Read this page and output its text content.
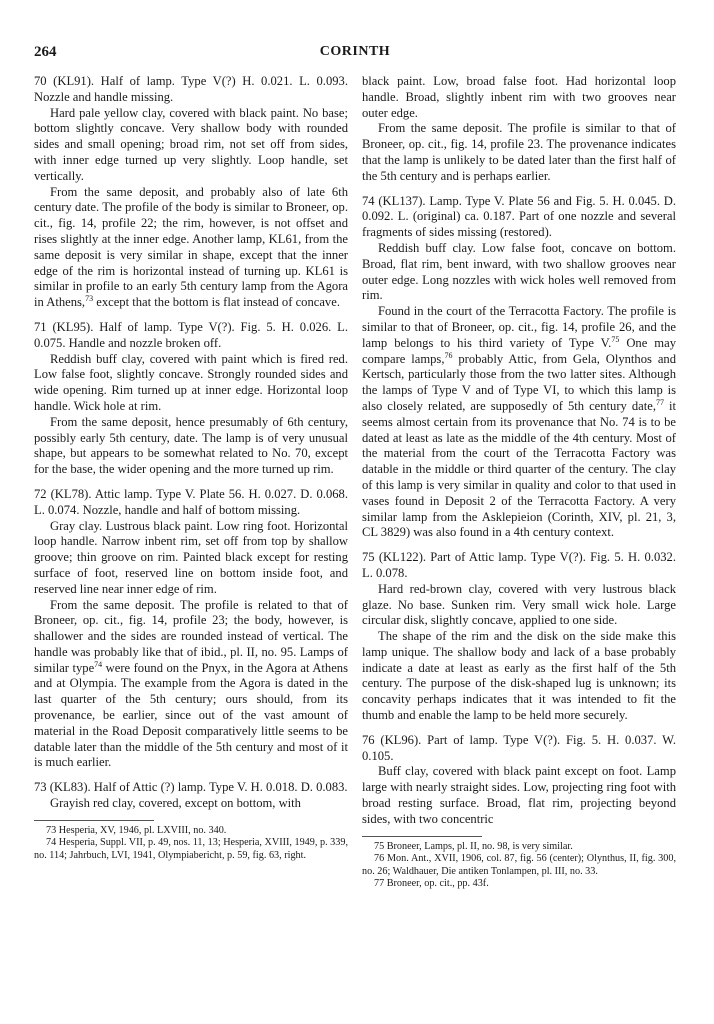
264	CORINTH

70 (KL91). Half of lamp. Type V(?) H. 0.021. L. 0.093. Nozzle and handle missing.

Hard pale yellow clay, covered with black paint. No base; bottom slightly concave. Very shallow body with rounded sides and small opening; broad rim, not set off from sides, with inner edge turned up very slightly. Loop handle, set vertically.

From the same deposit, and probably also of late 6th century date. The profile of the body is similar to Broneer, op. cit., fig. 14, profile 22; the rim, however, is not offset and rises slightly at the inner edge. Another lamp, KL61, from the same deposit is very similar in shape, except that the inner edge of the rim is horizontal instead of turning up. KL61 is similar in profile to an early 5th century lamp from the Agora in Athens,$^{73}$ except that the bottom is flat instead of concave.

71 (KL95). Half of lamp. Type V(?). Fig. 5. H. 0.026. L. 0.075. Handle and nozzle broken off.

Reddish buff clay, covered with paint which is fired red. Low false foot, slightly concave. Strongly rounded sides and wide opening. Rim turned up at inner edge. Horizontal loop handle. Wick hole at rim.

From the same deposit, hence presumably of 6th century, possibly early 5th century, date. The lamp is of very unusual shape, but appears to be somewhat related to No. 70, except for the base, the wider opening and the more turned up rim.

72 (KL78). Attic lamp. Type V. Plate 56. H. 0.027. D. 0.068. L. 0.074. Nozzle, handle and half of bottom missing.

Gray clay. Lustrous black paint. Low ring foot. Horizontal loop handle. Narrow inbent rim, set off from top by shallow groove; thin groove on rim. Painted black except for resting surface of foot, reserved line on bottom inside foot, and reserved line near inner edge of rim.

From the same deposit. The profile is related to that of Broneer, op. cit., fig. 14, profile 23; the body, however, is shallower and the sides are rounded instead of vertical. The handle was probably like that of ibid., pl. II, no. 95. Lamps of similar type$^{74}$ were found on the Pnyx, in the Agora at Athens and at Olympia. The example from the Agora is dated in the last quarter of the 5th century; ours should, from its provenance, be earlier, since out of the vast amount of material in the Road Deposit comparatively little seems to be datable later than the middle of the 5th century and most of it is much earlier.

73 (KL83). Half of Attic (?) lamp. Type V. H. 0.018. D. 0.083.

Grayish red clay, covered, except on bottom, with

73 Hesperia, XV, 1946, pl. LXVIII, no. 340.

74 Hesperia, Suppl. VII, p. 49, nos. 11, 13; Hesperia, XVIII, 1949, p. 339, no. 114; Jahrbuch, LVI, 1941, Olympiabericht, p. 59, fig. 63, right.

black paint. Low, broad false foot. Had horizontal loop handle. Broad, slightly inbent rim with two grooves near outer edge.

From the same deposit. The profile is similar to that of Broneer, op. cit., fig. 14, profile 23. The provenance indicates that the lamp is unlikely to be dated later than the first half of the 5th century and is perhaps earlier.

74 (KL137). Lamp. Type V. Plate 56 and Fig. 5. H. 0.045. D. 0.092. L. (original) ca. 0.187. Part of one nozzle and several fragments of sides missing (restored).

Reddish buff clay. Low false foot, concave on bottom. Broad, flat rim, bent inward, with two shallow grooves near outer edge. Long nozzles with wick holes well removed from rim.

Found in the court of the Terracotta Factory. The profile is similar to that of Broneer, op. cit., fig. 14, profile 26, and the lamp belongs to his third variety of Type V.$^{75}$ One may compare lamps,$^{76}$ probably Attic, from Gela, Olynthos and Kertsch, particularly those from the two latter sites. Although the lamps of Type V and of Type VI, to which this lamp is also closely related, are supposedly of 5th century date,$^{77}$ it seems almost certain from its provenance that No. 74 is to be dated at least as late as the middle of the 4th century. Most of the material from the court of the Terracotta Factory was datable in the middle or third quarter of the century. The clay of this lamp is very similar in quality and color to that used in vases found in Deposit 2 of the Terracotta Factory. A very similar lamp from the Asklepieion (Corinth, XIV, pl. 21, 3, CL 3829) was also found in a 4th century context.

75 (KL122). Part of Attic lamp. Type V(?). Fig. 5. H. 0.032. L. 0.078.

Hard red-brown clay, covered with very lustrous black glaze. No base. Sunken rim. Very small wick hole. Large circular disk, slightly concave, applied to one side.

The shape of the rim and the disk on the side make this lamp unique. The shallow body and lack of a base probably indicate a date at least as early as the first half of the 5th century. The purpose of the disk-shaped lug is unknown; its concavity perhaps indicates that it was intended to fit the thumb and enable the lamp to be held more securely.

76 (KL96). Part of lamp. Type V(?). Fig. 5. H. 0.037. W. 0.105.

Buff clay, covered with black paint except on foot. Lamp large with nearly straight sides. Low, projecting ring foot with broad resting surface. Broad, flat rim, projecting beyond sides, with two concentric

75 Broneer, Lamps, pl. II, no. 98, is very similar.

76 Mon. Ant., XVII, 1906, col. 87, fig. 56 (center); Olynthus, II, fig. 300, no. 26; Waldhauer, Die antiken Tonlampen, pl. III, no. 33.

77 Broneer, op. cit., pp. 43f.
